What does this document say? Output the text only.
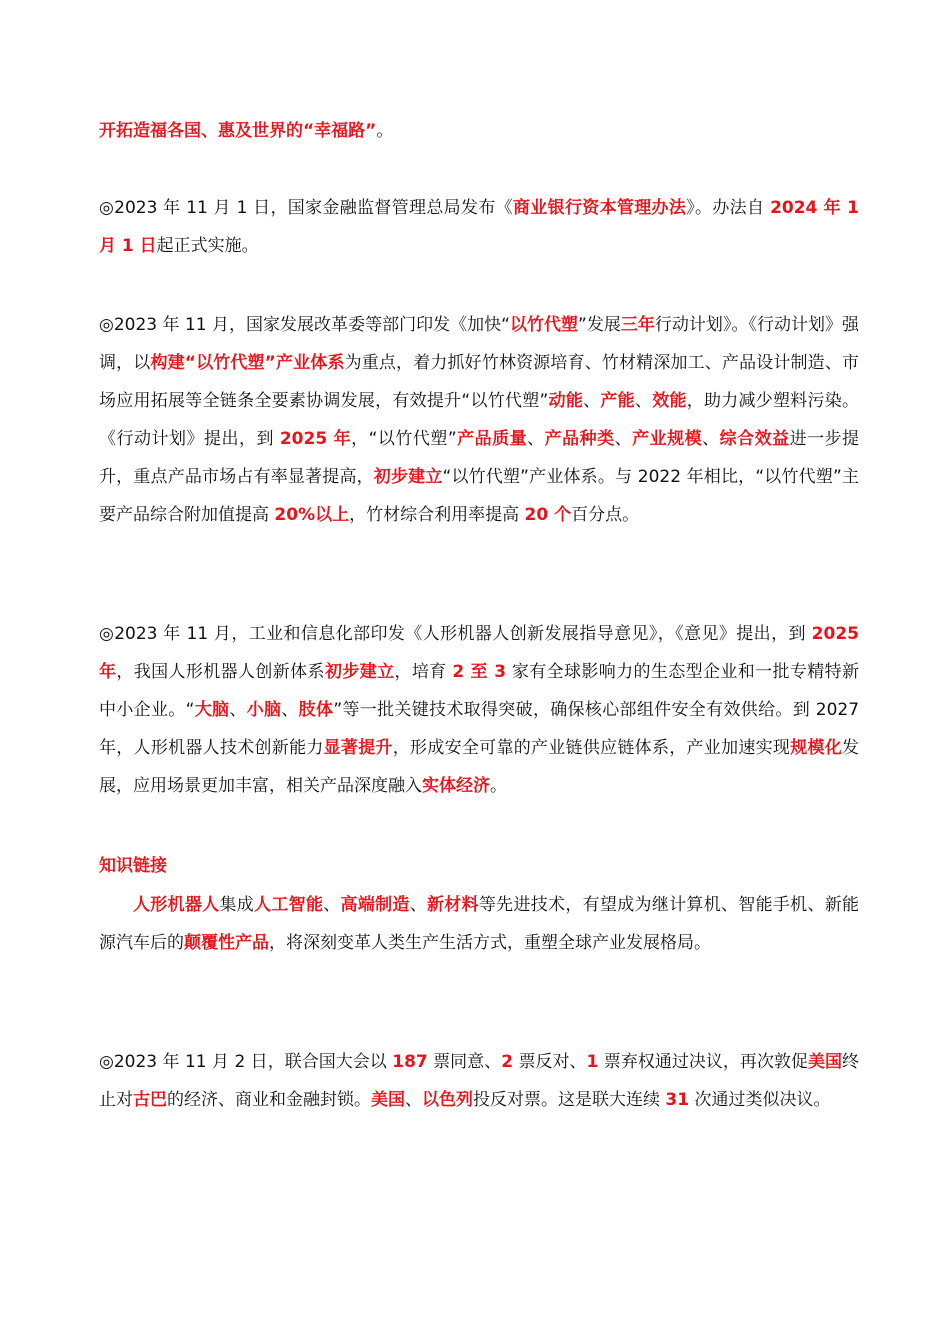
开拓造福各国、惠及世界的“幸福路”。

◎2023 年 11 月 1 日，国家金融监督管理总局发布《商业银行资本管理办法》。办法自 2024 年 1 月 1 日起正式实施。

◎2023 年 11 月，国家发展改革委等部门印发《加快“以竹代塑”发展三年行动计划》。《行动计划》强调，以构建“以竹代塑”产业体系为重点，着力抓好竹林资源培育、竹材精深加工、产品设计制造、市场应用拓展等全链条全要素协调发展，有效提升“以竹代塑”动能、产能、效能，助力减少塑料污染。《行动计划》提出，到 2025 年，“以竹代塑”产品质量、产品种类、产业规模、综合效益进一步提升，重点产品市场占有率显著提高，初步建立“以竹代塑”产业体系。与 2022 年相比，“以竹代塑”主要产品综合附加值提高 20%以上，竹材综合利用率提高 20 个百分点。

◎2023 年 11 月，工业和信息化部印发《人形机器人创新发展指导意见》，《意见》提出，到 2025 年，我国人形机器人创新体系初步建立，培育 2 至 3 家有全球影响力的生态型企业和一批专精特新中小企业。“大脑、小脑、肢体”等一批关键技术取得突破，确保核心部组件安全有效供给。到 2027 年，人形机器人技术创新能力显著提升，形成安全可靠的产业链供应链体系，产业加速实现规模化发展，应用场景更加丰富，相关产品深度融入实体经济。

知识链接

人形机器人集成人工智能、高端制造、新材料等先进技术，有望成为继计算机、智能手机、新能源汽车后的颠覆性产品，将深刻变革人类生产生活方式，重塑全球产业发展格局。

◎2023 年 11 月 2 日，联合国大会以 187 票同意、2 票反对、1 票弃权通过决议，再次敦促美国终止对古巴的经济、商业和金融封锁。美国、以色列投反对票。这是联大连续 31 次通过类似决议。
